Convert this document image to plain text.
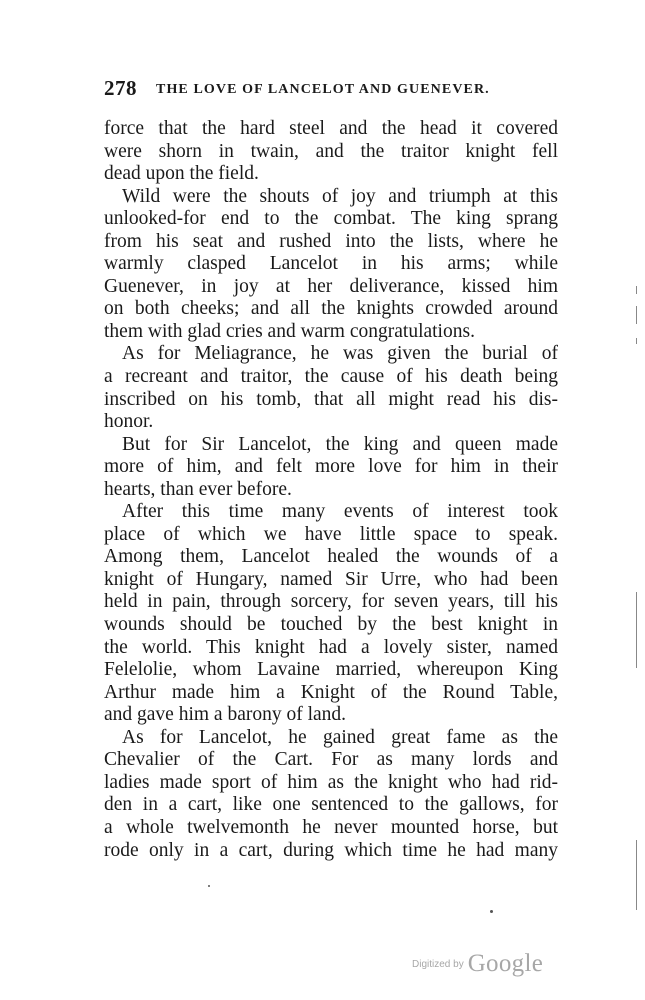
278 THE LOVE OF LANCELOT AND GUENEVER.
force that the hard steel and the head it covered
were shorn in twain, and the traitor knight fell
dead upon the field.
Wild were the shouts of joy and triumph at this
unlooked-for end to the combat. The king sprang
from his seat and rushed into the lists, where he
warmly clasped Lancelot in his arms; while
Guenever, in joy at her deliverance, kissed him
on both cheeks; and all the knights crowded around
them with glad cries and warm congratulations.
As for Meliagrance, he was given the burial of
a recreant and traitor, the cause of his death being
inscribed on his tomb, that all might read his dis-
honor.
But for Sir Lancelot, the king and queen made
more of him, and felt more love for him in their
hearts, than ever before.
After this time many events of interest took
place of which we have little space to speak.
Among them, Lancelot healed the wounds of a
knight of Hungary, named Sir Urre, who had been
held in pain, through sorcery, for seven years, till his
wounds should be touched by the best knight in
the world. This knight had a lovely sister, named
Felelolie, whom Lavaine married, whereupon King
Arthur made him a Knight of the Round Table,
and gave him a barony of land.
As for Lancelot, he gained great fame as the
Chevalier of the Cart. For as many lords and
ladies made sport of him as the knight who had rid-
den in a cart, like one sentenced to the gallows, for
a whole twelvemonth he never mounted horse, but
rode only in a cart, during which time he had many
$^{Digitized by}$ Google
